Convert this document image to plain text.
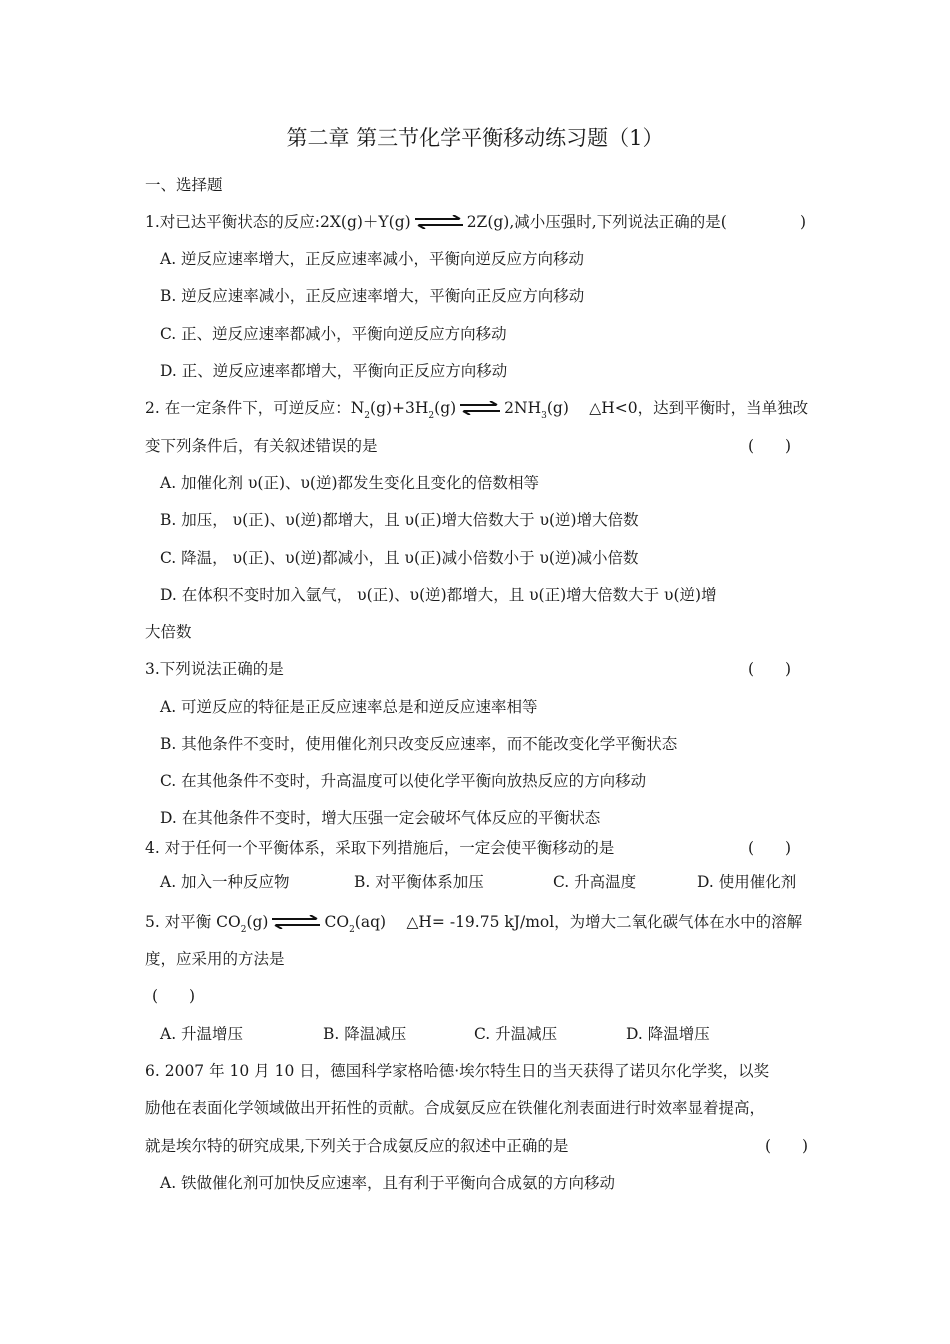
第二章 第三节化学平衡移动练习题（1）
一、选择题
1.对已达平衡状态的反应:2X(g)＋Y(g) ⇌ 2Z(g),减小压强时,下列说法正确的是(	)
A. 逆反应速率增大，正反应速率减小，平衡向逆反应方向移动
B. 逆反应速率减小，正反应速率增大，平衡向正反应方向移动
C. 正、逆反应速率都减小，平衡向逆反应方向移动
D. 正、逆反应速率都增大，平衡向正反应方向移动
2. 在一定条件下，可逆反应：$N_2(g)+3H_2(g)$ ⇌ $2NH_3(g)$　 △H<0，达到平衡时，当单独改
变下列条件后，有关叙述错误的是	(　　)
A. 加催化剂 υ(正)、υ(逆)都发生变化且变化的倍数相等
B. 加压， υ(正)、υ(逆)都增大，且 υ(正)增大倍数大于 υ(逆)增大倍数
C. 降温， υ(正)、υ(逆)都减小，且 υ(正)减小倍数小于 υ(逆)减小倍数
D. 在体积不变时加入氩气， υ(正)、υ(逆)都增大，且 υ(正)增大倍数大于 υ(逆)增
大倍数
3.下列说法正确的是	(　　)
A. 可逆反应的特征是正反应速率总是和逆反应速率相等
B. 其他条件不变时，使用催化剂只改变反应速率，而不能改变化学平衡状态
C. 在其他条件不变时，升高温度可以使化学平衡向放热反应的方向移动
D. 在其他条件不变时，增大压强一定会破坏气体反应的平衡状态
4. 对于任何一个平衡体系，采取下列措施后，一定会使平衡移动的是	(　　)
A. 加入一种反应物	B. 对平衡体系加压	C. 升高温度	D. 使用催化剂
5. 对平衡 $CO_2(g)$ ⇌ $CO_2(aq)$　 △H= -19.75 kJ/mol，为增大二氧化碳气体在水中的溶解
度，应采用的方法是
(　　)
A. 升温增压	B. 降温减压	C. 升温减压	D. 降温增压
6. 2007 年 10 月 10 日，德国科学家格哈德·埃尔特生日的当天获得了诺贝尔化学奖，以奖
励他在表面化学领域做出开拓性的贡献。合成氨反应在铁催化剂表面进行时效率显着提高，
就是埃尔特的研究成果,下列关于合成氨反应的叙述中正确的是	(　　)
A. 铁做催化剂可加快反应速率，且有利于平衡向合成氨的方向移动
